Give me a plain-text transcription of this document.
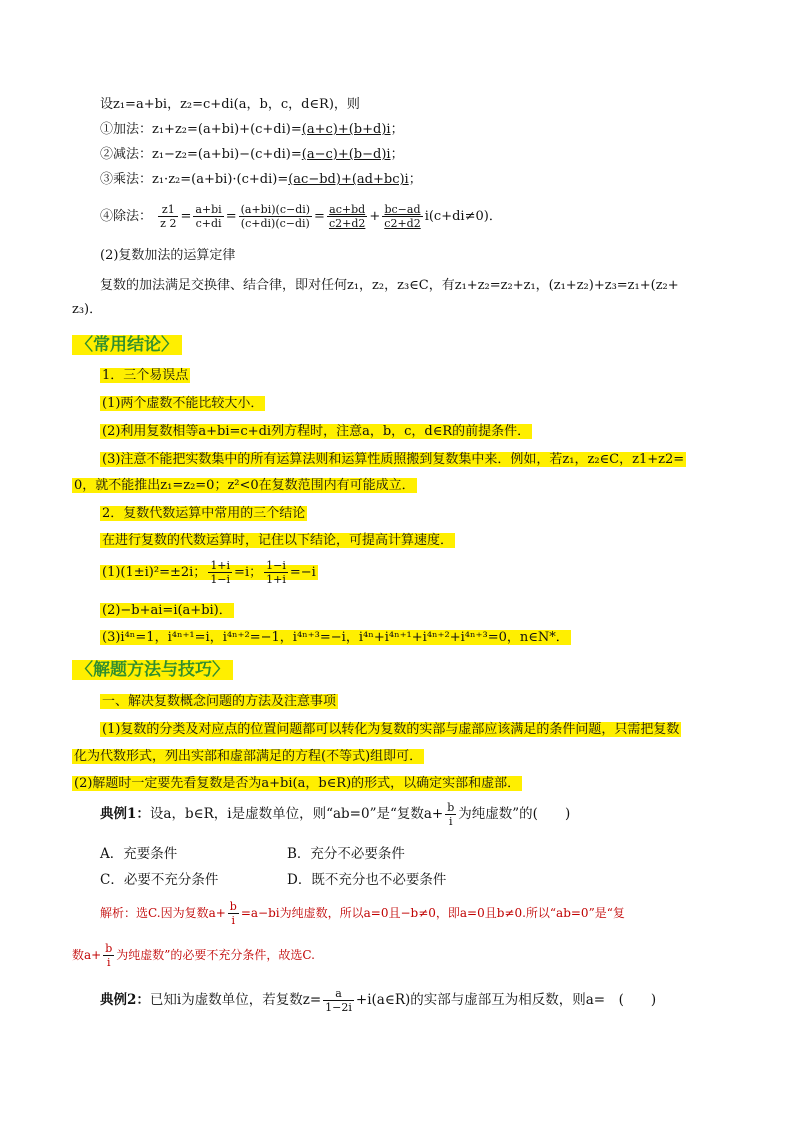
设z₁=a+bi，z₂=c+di(a，b，c，d∈R)，则
①加法：z₁+z₂=(a+bi)+(c+di)=(a+c)+(b+d)i；
②减法：z₁−z₂=(a+bi)−(c+di)=(a−c)+(b−d)i；
③乘法：z₁·z₂=(a+bi)·(c+di)=(ac−bd)+(ad+bc)i；
④除法： $\frac{z1}{z 2} = \frac{a+bi}{c+di} = \frac{(a+bi)(c-di)}{(c+di)(c-di)} = \frac{ac+bd}{c2+d2} + \frac{bc-ad}{c2+d2} i(c+di\ne 0)$．
(2)复数加法的运算定律
复数的加法满足交换律、结合律，即对任何z₁，z₂，z₃∈C，有z₁+z₂=z₂+z₁，(z₁+z₂)+z₃=z₁+(z₂+
z₃)．
〈常用结论〉
1．三个易误点
(1)两个虚数不能比较大小．
(2)利用复数相等a+bi=c+di列方程时，注意a，b，c，d∈R的前提条件．
(3)注意不能把实数集中的所有运算法则和运算性质照搬到复数集中来．例如，若z₁，z₂∈C，z1+z2=
0，就不能推出z₁=z₂=0；z²<0在复数范围内有可能成立．
2．复数代数运算中常用的三个结论
在进行复数的代数运算时，记住以下结论，可提高计算速度．
(1)(1±i)²=±2i； $\frac{1+i}{1-i} =i$； $\frac{1-i}{1+i} =-i$
(2)−b+ai=i(a+bi)．
(3)i⁴ⁿ=1，i⁴ⁿ⁺¹=i，i⁴ⁿ⁺²=−1，i⁴ⁿ⁺³=−i，i⁴ⁿ+i⁴ⁿ⁺¹+i⁴ⁿ⁺²+i⁴ⁿ⁺³=0，n∈N*．
〈解题方法与技巧〉
一、解决复数概念问题的方法及注意事项
(1)复数的分类及对应点的位置问题都可以转化为复数的实部与虚部应该满足的条件问题，只需把复数
化为代数形式，列出实部和虚部满足的方程(不等式)组即可．
(2)解题时一定要先看复数是否为a+bi(a，b∈R)的形式，以确定实部和虚部．
典例1：设a，b∈R，i是虚数单位，则“ab=0”是“复数$a+ \frac{b}{i}$ 为纯虚数”的(　　)
A．充要条件	B．充分不必要条件
C．必要不充分条件	D．既不充分也不必要条件
解析：选C.因为复数$a+ \frac{b}{i} =a-bi$为纯虚数，所以a=0且−b≠0，即a=0且b≠0.所以“ab=0”是“复
数$a+ \frac{b}{i}$ 为纯虚数”的必要不充分条件，故选C.
典例2：已知i为虚数单位，若复数$z= \frac{a}{1-2i}$ +i(a∈R)的实部与虚部互为相反数，则a=　(　　)
